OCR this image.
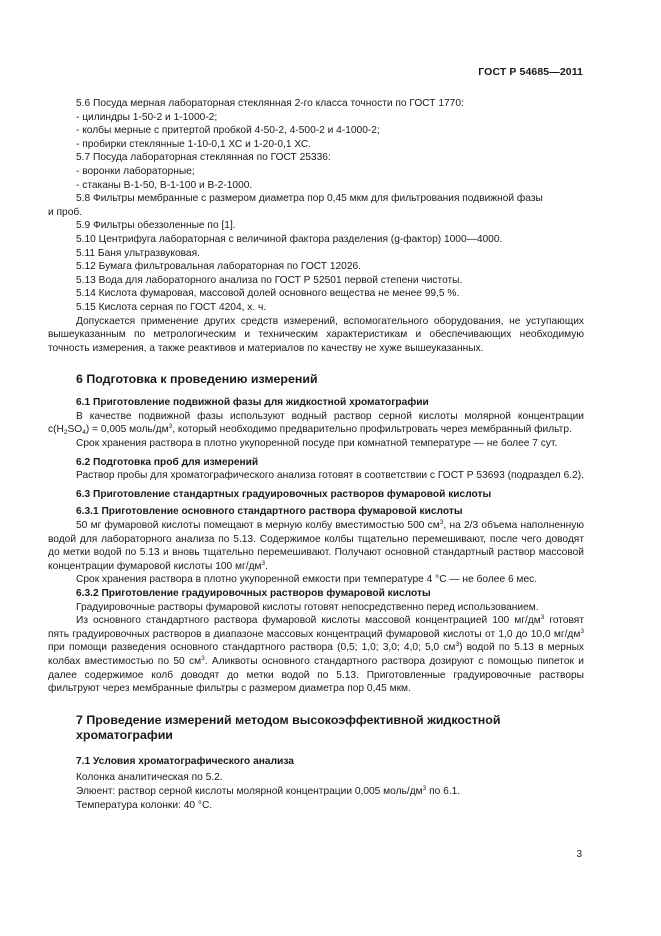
ГОСТ Р 54685—2011

5.6 Посуда мерная лабораторная стеклянная 2-го класса точности по ГОСТ 1770:

- цилиндры 1-50-2 и 1-1000-2;

- колбы мерные с притертой пробкой 4-50-2, 4-500-2 и 4-1000-2;

- пробирки стеклянные 1-10-0,1 ХС и 1-20-0,1 ХС.

5.7 Посуда лабораторная стеклянная по ГОСТ 25336:

- воронки лабораторные;

- стаканы В-1-50, В-1-100 и В-2-1000.

5.8 Фильтры мембранные с размером диаметра пор 0,45 мкм для фильтрования подвижной фазы

и проб.

5.9 Фильтры обеззоленные по [1].

5.10 Центрифуга лабораторная с величиной фактора разделения (g-фактор) 1000—4000.

5.11 Баня ультразвуковая.

5.12 Бумага фильтровальная лабораторная по ГОСТ 12026.

5.13 Вода для лабораторного анализа по ГОСТ Р 52501 первой степени чистоты.

5.14 Кислота фумаровая, массовой долей основного вещества не менее 99,5 %.

5.15 Кислота серная по ГОСТ 4204, х. ч.

Допускается применение других средств измерений, вспомогательного оборудования, не уступающих вышеуказанным по метрологическим и техническим характеристикам и обеспечивающих необходимую точность измерения, а также реактивов и материалов по качеству не хуже вышеуказанных.

6 Подготовка к проведению измерений

6.1 Приготовление подвижной фазы для жидкостной хроматографии

В качестве подвижной фазы используют водный раствор серной кислоты молярной концентрации $c(H_2SO_4) = 0,005$ моль/$дм^3$, который необходимо предварительно профильтровать через мембранный фильтр.

Срок хранения раствора в плотно укупоренной посуде при комнатной температуре — не более 7 сут.

6.2 Подготовка проб для измерений

Раствор пробы для хроматографического анализа готовят в соответствии с ГОСТ Р 53693 (подраздел 6.2).

6.3 Приготовление стандартных градуировочных растворов фумаровой кислоты

6.3.1 Приготовление основного стандартного раствора фумаровой кислоты

50 мг фумаровой кислоты помещают в мерную колбу вместимостью 500 $см^3$, на 2/3 объема наполненную водой для лабораторного анализа по 5.13. Содержимое колбы тщательно перемешивают, после чего доводят до метки водой по 5.13 и вновь тщательно перемешивают. Получают основной стандартный раствор массовой концентрации фумаровой кислоты 100 $мг/дм^3$.

Срок хранения раствора в плотно укупоренной емкости при температуре 4 °С — не более 6 мес.

6.3.2 Приготовление градуировочных растворов фумаровой кислоты

Градуировочные растворы фумаровой кислоты готовят непосредственно перед использованием.

Из основного стандартного раствора фумаровой кислоты массовой концентрацией 100 $мг/дм^3$ готовят пять градуировочных растворов в диапазоне массовых концентраций фумаровой кислоты от 1,0 до 10,0 $мг/дм^3$ при помощи разведения основного стандартного раствора (0,5; 1,0; 3,0; 4,0; 5,0 $см^3$) водой по 5.13 в мерных колбах вместимостью по 50 $см^3$. Аликвоты основного стандартного раствора дозируют с помощью пипеток и далее содержимое колб доводят до метки водой по 5.13. Приготовленные градуировочные растворы фильтруют через мембранные фильтры с размером диаметра пор 0,45 мкм.

7 Проведение измерений методом высокоэффективной жидкостной
хроматографии

7.1 Условия хроматографического анализа

Колонка аналитическая по 5.2.

Элюент: раствор серной кислоты молярной концентрации 0,005 моль/$дм^3$ по 6.1.

Температура колонки: 40 °С.

3
